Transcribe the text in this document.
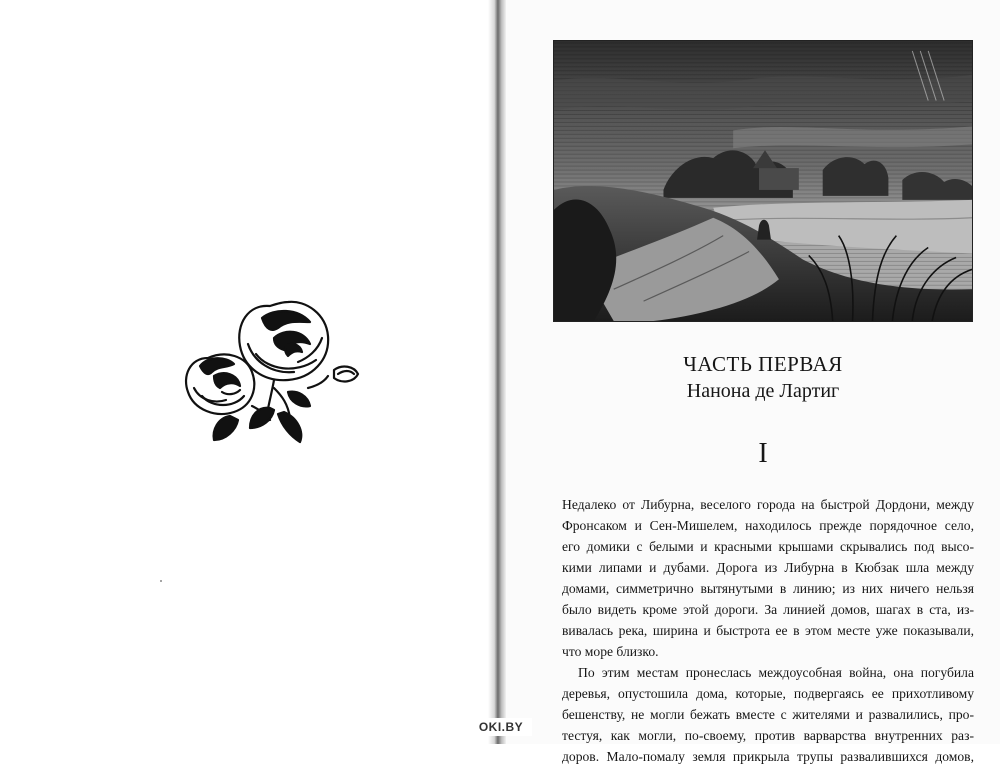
ЧАСТЬ ПЕРВАЯ
Нанона де Лартиг
I
Недалеко от Либурна, веселого города на быстрой Дордони, между
Фронсаком и Сен-Мишелем, находилось прежде порядочное село,
его домики с белыми и красными крышами скрывались под высо-
кими липами и дубами. Дорога из Либурна в Кюбзак шла между
домами, симметрично вытянутыми в линию; из них ничего нельзя
было видеть кроме этой дороги. За линией домов, шагах в ста, из-
вивалась река, ширина и быстрота ее в этом месте уже показывали,
что море близко.
По этим местам пронеслась междоусобная война, она погубила
деревья, опустошила дома, которые, подвергаясь ее прихотливому
бешенству, не могли бежать вместе с жителями и развалились, про-
тестуя, как могли, по-своему, против варварства внутренних раз-
доров. Мало-помалу земля прикрыла трупы развалившихся домов,
OKI.BY
